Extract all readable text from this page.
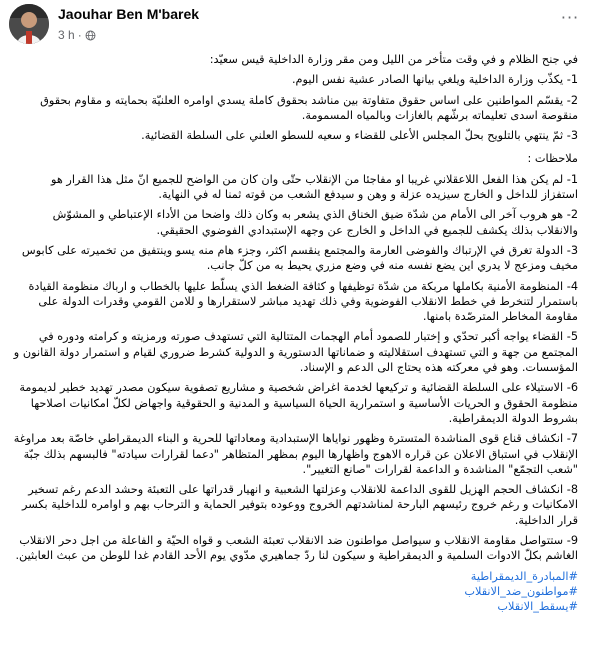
Jaouhar Ben M'barek
3 h ·
···

في جنح الظلام و في وقت متأخر من الليل ومن مقر وزارة الداخلية قيس سعيّد:

1- يكذّب وزارة الداخلية ويلغي بيانها الصادر عشية نفس اليوم.

2- يقسّم المواطنين على اساس حقوق متفاوتة بين مناشد بحقوق كاملة يسدي اوامره العلنيّة بحمايته و مقاوم بحقوق منقوصة اسدى تعليماته برشّهم بالغازات وبالمياه المسمومة.

3- ثمّ ينتهي بالتلويح بحلّ المجلس الأعلى للقضاء و سعيه للسطو العلني على السلطة القضائية.

ملاحظات :

1- لم يكن هذا الفعل اللاعقلاني غريبا او مفاجئا من الإنقلاب حتّى وان كان من الواضح للجميع انّ مثل هذا القرار هو استفزاز للداخل و الخارج سيزيده عزلة و وهن و سيدفع الشعب من قوته ثمنا له في النهاية.

2- هو هروب آخر الى الأمام من شدّة ضيق الخناق الذي يشعر به وكان ذلك واضحا من الأداء الإعتباطي و المشوّش والانقلاب بذلك يكشف للجميع في الداخل و الخارج عن وجهه الإستبدادي الفوضوي الحقيقي.

3- الدولة تغرق في الإرتباك والفوضى العارمة والمجتمع ينقسم اكثر، وجزء هام منه يسو وينتفيق من تخميرته على كابوس مخيف ومزعج لا يدري اين يضع نفسه منه في وضع مزري يحيط به من كلّ جانب.

4- المنظومة الأمنية بكاملها مربكة من شدّة توظيفها و كثافة الضغط الذي يسلّط عليها بالخطاب و ارباك منظومة القيادة باستمرار لتنخرط في خطط الانقلاب الفوضوية وفي ذلك تهديد مباشر لاستقرارها و للامن القومي وقدرات الدولة على مقاومة المخاطر المترصّدة بامنها.

5- القضاء يواجه أكبر تحدّي و إختبار للصمود أمام الهجمات المتتالية التي تستهدف صورته ورمزيته و كرامته ودوره في المجتمع من جهة و التي تستهدف استقلاليته و ضماناتها الدستورية و الدولية كشرط ضروري لقيام و استمرار دولة القانون و المؤسسات. وهو في معركته هذه يحتاج الى الدعم و الإسناد.

6- الاستيلاء على السلطة القضائية و تركيعها لخدمة اغراض شخصية و مشاريع تصفوية سيكون مصدر تهديد خطير لديمومة منظومة الحقوق و الحريات الأساسية و استمرارية الحياة السياسية و المدنية و الحقوقية واجهاض لكلّ امكانيات اصلاحها بشروط الدولة الديمقراطية.

7- انكشاف قناع قوى المناشدة المتسترة وظهور نواياها الإستبدادية ومعاداتها للحرية و البناء الديمقراطي خاصّة بعد مراوغة الإنقلاب في استباق الاعلان عن قراره الاهوج واظهارها اليوم بمظهر المتظاهر "دعما لقرارات سيادته" فالبسهم بذلك جبّة "شعب التجمّع" المناشدة و الداعمة لقرارات "صانع التغيير".

8- انكشاف الحجم الهزيل للقوى الداعمة للانقلاب وعزلتها الشعبية و انهيار قدراتها على التعبئة وحشد الدعم رغم تسخير الامكانيات و رغم خروج رئيسهم البارحة لمناشدتهم الخروج ووعوده بتوفير الحماية و الترحاب بهم و اوامره للداخلية بكسر قرار الداخلية.

9- ستتواصل مقاومة الانقلاب و سيواصل مواطنون ضد الانقلاب تعبئة الشعب و قواه الحيّة و الفاعلة من اجل دحر الانقلاب الغاشم بكلّ الادوات السلمية و الديمقراطية و سيكون لنا ردّ جماهيري مدّوي يوم الأحد القادم غدا للوطن من عبث العابثين.

#المبادرة_الديمقراطية
#مواطنون_ضد_الانقلاب
#يسقط_الانقلاب
